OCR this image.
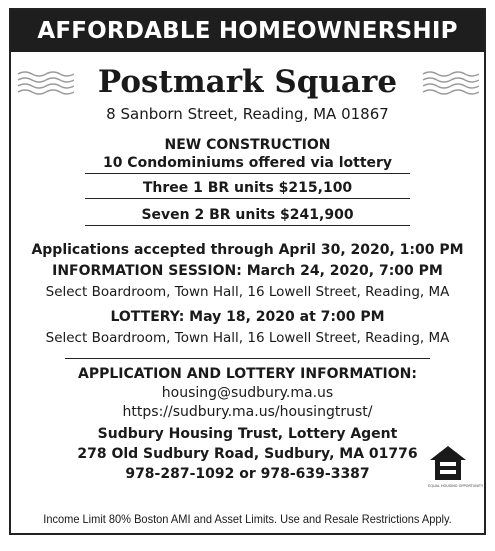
AFFORDABLE HOMEOWNERSHIP
Postmark Square
8 Sanborn Street, Reading, MA 01867
NEW CONSTRUCTION
10 Condominiums offered via lottery
Three 1 BR units $215,100
Seven 2 BR units $241,900
Applications accepted through April 30, 2020, 1:00 PM
INFORMATION SESSION: March 24, 2020, 7:00 PM
Select Boardroom, Town Hall, 16 Lowell Street, Reading, MA
LOTTERY: May 18, 2020 at 7:00 PM
Select Boardroom, Town Hall, 16 Lowell Street, Reading, MA
APPLICATION AND LOTTERY INFORMATION:
housing@sudbury.ma.us
https://sudbury.ma.us/housingtrust/
Sudbury Housing Trust, Lottery Agent
278 Old Sudbury Road, Sudbury, MA 01776
978-287-1092 or 978-639-3387
EQUAL HOUSING OPPORTUNITY
Income Limit 80% Boston AMI and Asset Limits. Use and Resale Restrictions Apply.
